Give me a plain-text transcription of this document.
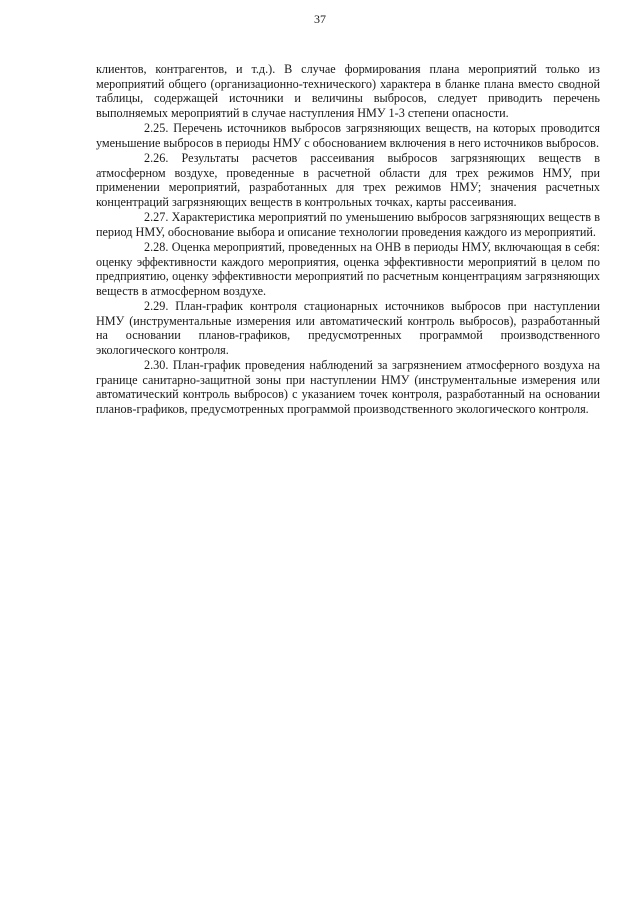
37

клиентов, контрагентов, и т.д.). В случае формирования плана мероприятий только из мероприятий общего (организационно-технического) характера в бланке плана вместо сводной таблицы, содержащей источники и величины выбросов, следует приводить перечень выполняемых мероприятий в случае наступления НМУ 1-3 степени опасности.

2.25. Перечень источников выбросов загрязняющих веществ, на которых проводится уменьшение выбросов в периоды НМУ с обоснованием включения в него источников выбросов.

2.26. Результаты расчетов рассеивания выбросов загрязняющих веществ в атмосферном воздухе, проведенные в расчетной области для трех режимов НМУ, при применении мероприятий, разработанных для трех режимов НМУ; значения расчетных концентраций загрязняющих веществ в контрольных точках, карты рассеивания.

2.27. Характеристика мероприятий по уменьшению выбросов загрязняющих веществ в период НМУ, обоснование выбора и описание технологии проведения каждого из мероприятий.

2.28. Оценка мероприятий, проведенных на ОНВ в периоды НМУ, включающая в себя: оценку эффективности каждого мероприятия, оценка эффективности мероприятий в целом по предприятию, оценку эффективности мероприятий по расчетным концентрациям загрязняющих веществ в атмосферном воздухе.

2.29. План-график контроля стационарных источников выбросов при наступлении НМУ (инструментальные измерения или автоматический контроль выбросов), разработанный на основании планов-графиков, предусмотренных программой производственного экологического контроля.

2.30. План-график проведения наблюдений за загрязнением атмосферного воздуха на границе санитарно-защитной зоны при наступлении НМУ (инструментальные измерения или автоматический контроль выбросов) с указанием точек контроля, разработанный на основании планов-графиков, предусмотренных программой производственного экологического контроля.
